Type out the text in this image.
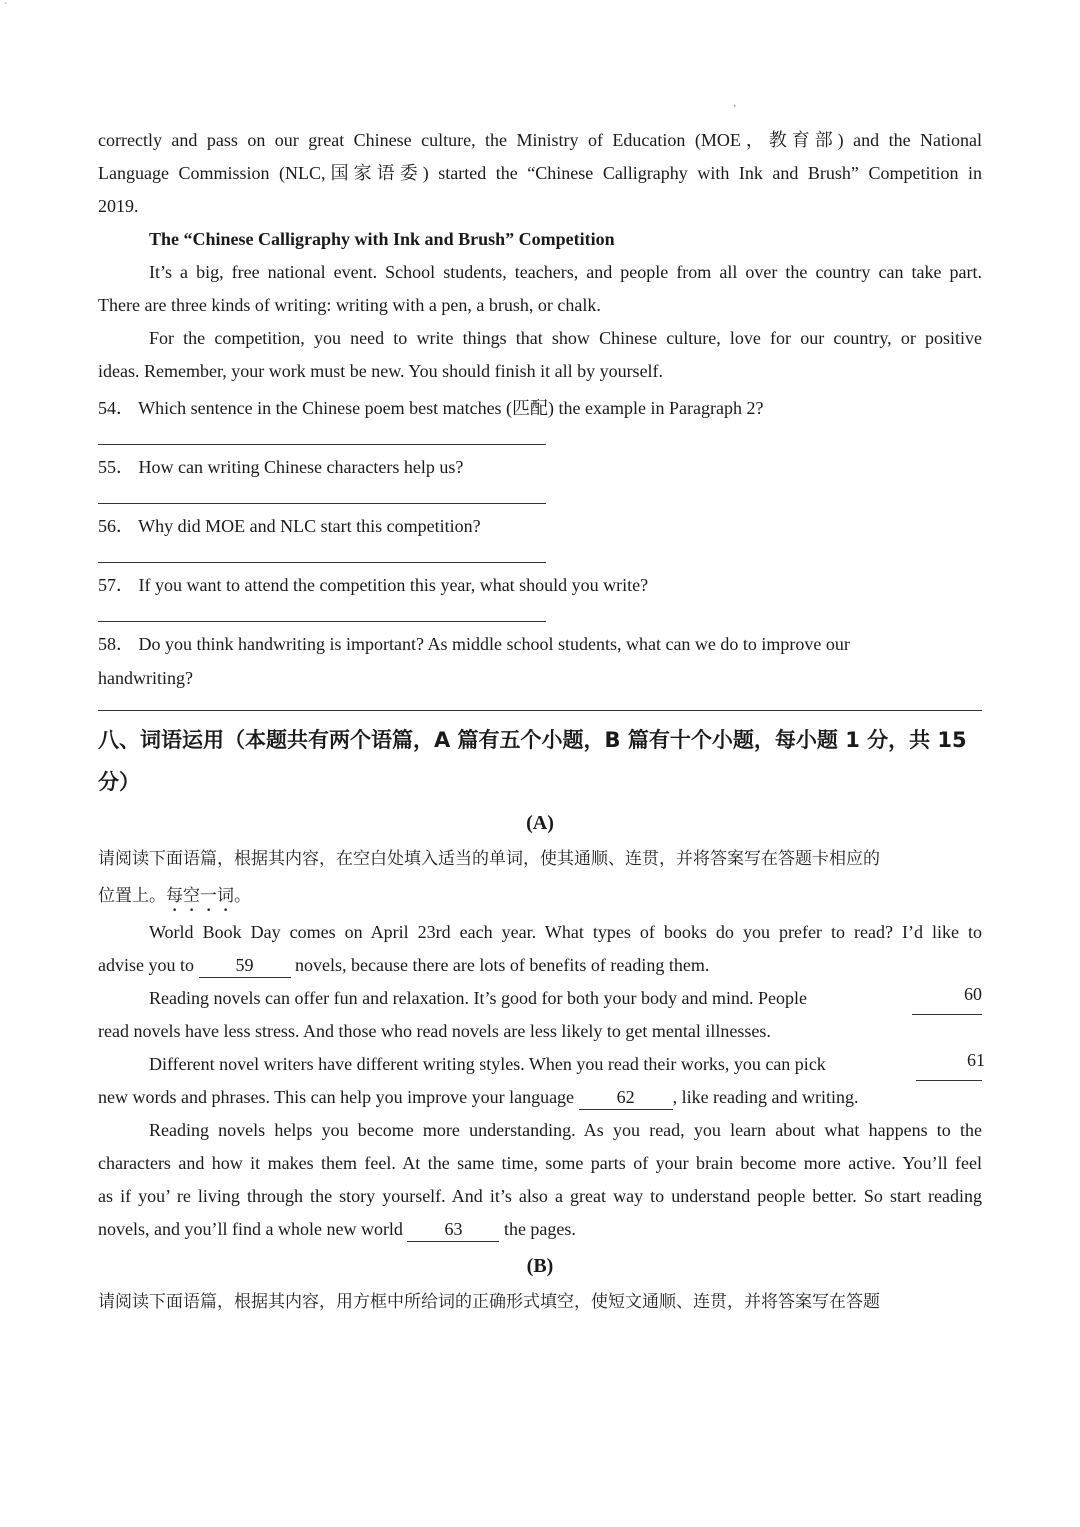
´
ʼ
correctly and pass on our great Chinese culture, the Ministry of Education (MOE，教育部) and the National
Language Commission (NLC,国家语委) started the “Chinese Calligraphy with Ink and Brush” Competition in
2019.
The “Chinese Calligraphy with Ink and Brush” Competition
It’s a big, free national event. School students, teachers, and people from all over the country can take part.
There are three kinds of writing: writing with a pen, a brush, or chalk.
For the competition, you need to write things that show Chinese culture, love for our country, or positive
ideas. Remember, your work must be new. You should finish it all by yourself.
54． Which sentence in the Chinese poem best matches (匹配) the example in Paragraph 2?
55． How can writing Chinese characters help us?
56． Why did MOE and NLC start this competition?
57． If you want to attend the competition this year, what should you write?
58． Do you think handwriting is important? As middle school students, what can we do to improve our
handwriting?
八、词语运用（本题共有两个语篇，A 篇有五个小题，B 篇有十个小题，每小题 1 分，共 15
分）
(A)
请阅读下面语篇，根据其内容，在空白处填入适当的单词，使其通顺、连贯，并将答案写在答题卡相应的
位置上。每空一词。
World Book Day comes on April 23rd each year. What types of books do you prefer to read? I’d like to
advise you to 59 novels, because there are lots of benefits of reading them.
Reading novels can offer fun and relaxation. It’s good for both your body and mind. People	60
read novels have less stress. And those who read novels are less likely to get mental illnesses.
Different novel writers have different writing styles. When you read their works, you can pick	61
new words and phrases. This can help you improve your language 62 , like reading and writing.
Reading novels helps you become more understanding. As you read, you learn about what happens to the
characters and how it makes them feel. At the same time, some parts of your brain become more active. You’ll feel
as if you’ re living through the story yourself. And it’s also a great way to understand people better. So start reading
novels, and you’ll find a whole new world 63 the pages.
(B)
请阅读下面语篇，根据其内容，用方框中所给词的正确形式填空，使短文通顺、连贯，并将答案写在答题
